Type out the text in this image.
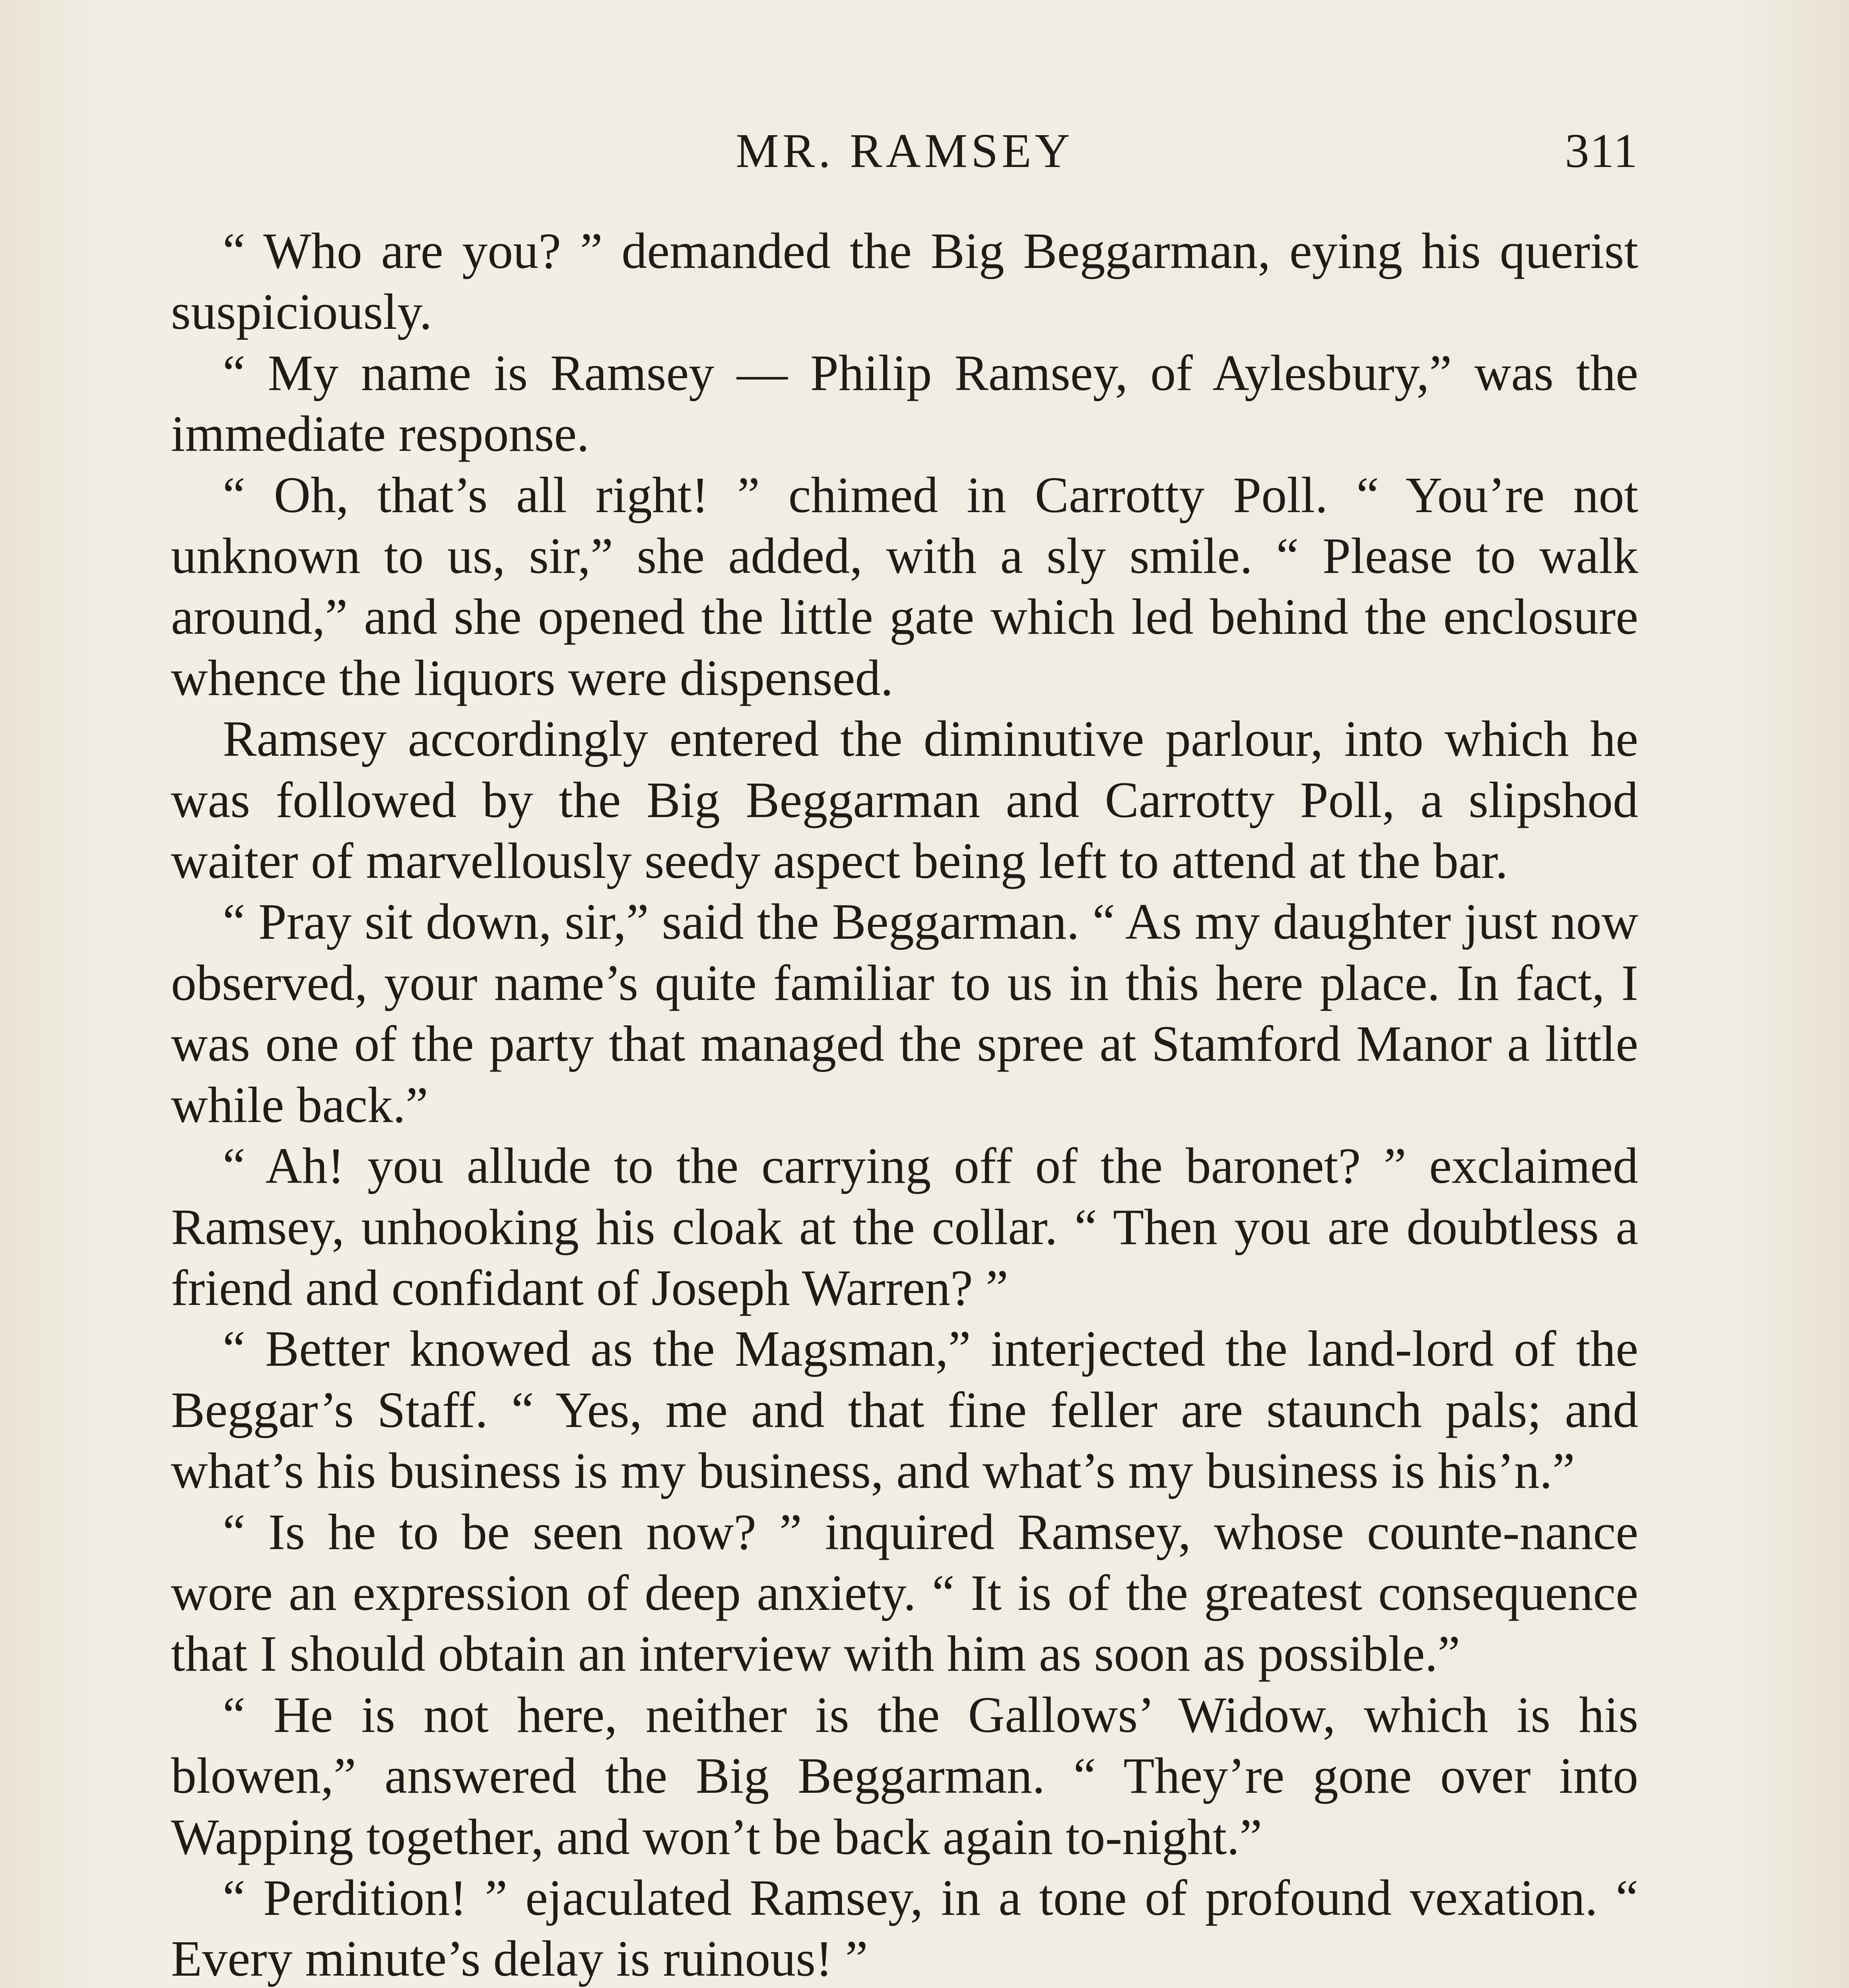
MR. RAMSEY	311

“ Who are you? ” demanded the Big Beggarman, eying his querist suspiciously.

“ My name is Ramsey — Philip Ramsey, of Aylesbury,” was the immediate response.

“ Oh, that’s all right! ” chimed in Carrotty Poll. “ You’re not unknown to us, sir,” she added, with a sly smile. “ Please to walk around,” and she opened the little gate which led behind the enclosure whence the liquors were dispensed.

Ramsey accordingly entered the diminutive parlour, into which he was followed by the Big Beggarman and Carrotty Poll, a slipshod waiter of marvellously seedy aspect being left to attend at the bar.

“ Pray sit down, sir,” said the Beggarman. “ As my daughter just now observed, your name’s quite familiar to us in this here place. In fact, I was one of the party that managed the spree at Stamford Manor a little while back.”

“ Ah! you allude to the carrying off of the baronet? ” exclaimed Ramsey, unhooking his cloak at the collar. “ Then you are doubtless a friend and confidant of Joseph Warren? ”

“ Better knowed as the Magsman,” interjected the land-lord of the Beggar’s Staff. “ Yes, me and that fine feller are staunch pals; and what’s his business is my business, and what’s my business is his’n.”

“ Is he to be seen now? ” inquired Ramsey, whose counte-nance wore an expression of deep anxiety. “ It is of the greatest consequence that I should obtain an interview with him as soon as possible.”

“ He is not here, neither is the Gallows’ Widow, which is his blowen,” answered the Big Beggarman. “ They’re gone over into Wapping together, and won’t be back again to-night.”

“ Perdition! ” ejaculated Ramsey, in a tone of profound vexation. “ Every minute’s delay is ruinous! ”
